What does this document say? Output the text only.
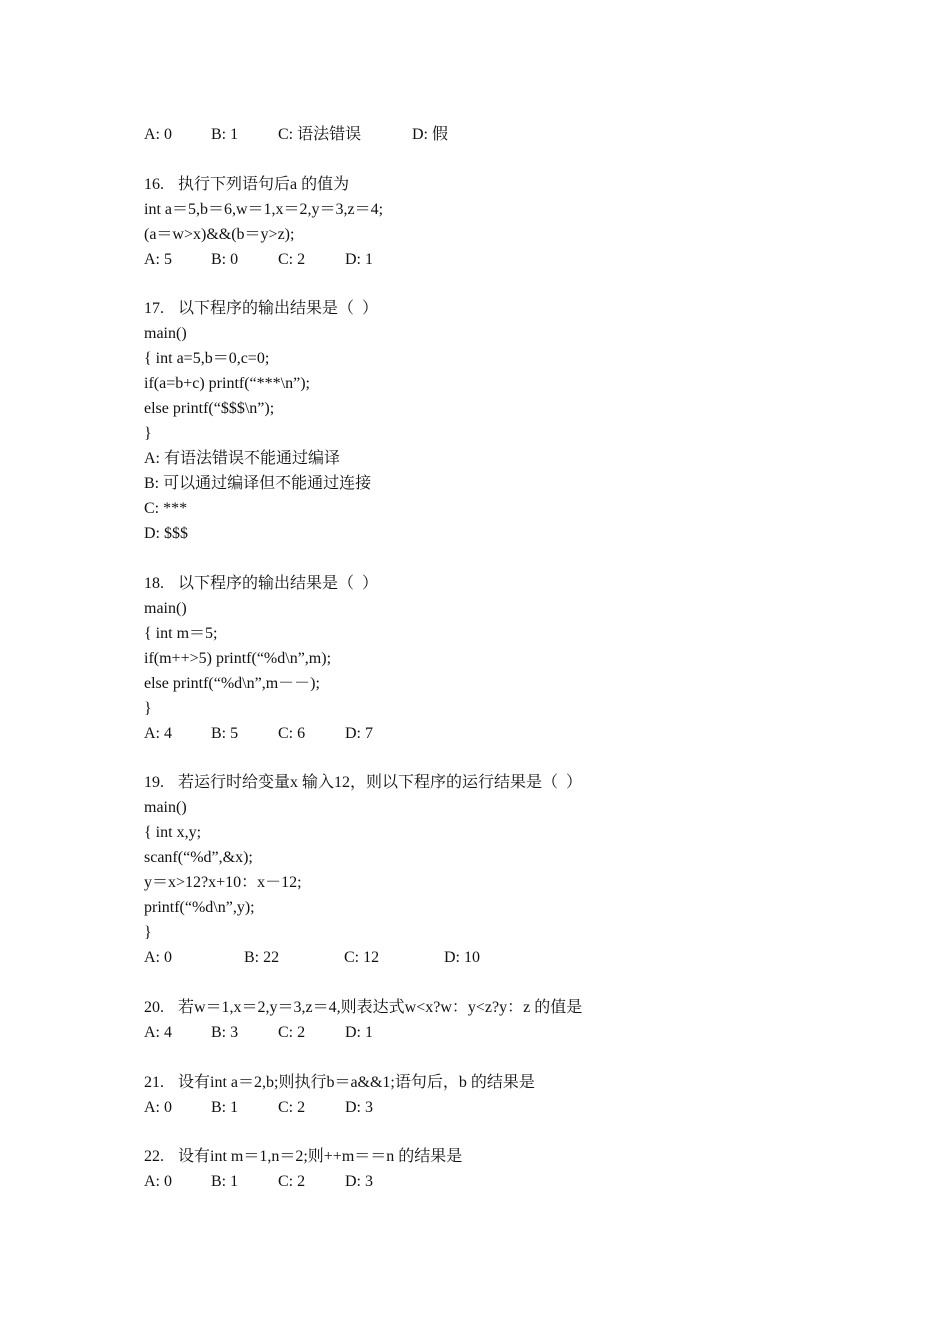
A: 0	B: 1	C: 语法错误	D: 假
16. 执行下列语句后a 的值为
int a＝5,b＝6,w＝1,x＝2,y＝3,z＝4;
(a＝w>x)&&(b＝y>z);
A: 5	B: 0	C: 2	D: 1
17. 以下程序的输出结果是（  ）
main()
{ int a=5,b＝0,c=0;
if(a=b+c) printf(“***\n”);
else printf(“$$$\n”);
}
A: 有语法错误不能通过编译
B: 可以通过编译但不能通过连接
C: ***
D: $$$
18. 以下程序的输出结果是（  ）
main()
{ int m＝5;
if(m++>5) printf(“%d\n”,m);
else printf(“%d\n”,m－－);
}
A: 4	B: 5	C: 6	D: 7
19. 若运行时给变量x 输入12，则以下程序的运行结果是（  ）
main()
{ int x,y;
scanf(“%d”,&x);
y＝x>12?x+10：x－12;
printf(“%d\n”,y);
}
A: 0	B: 22	C: 12	D: 10
20. 若w＝1,x＝2,y＝3,z＝4,则表达式w<x?w：y<z?y：z 的值是
A: 4	B: 3	C: 2	D: 1
21. 设有int a＝2,b;则执行b＝a&&1;语句后，b 的结果是
A: 0	B: 1	C: 2	D: 3
22. 设有int m＝1,n＝2;则++m＝＝n 的结果是
A: 0	B: 1	C: 2	D: 3
